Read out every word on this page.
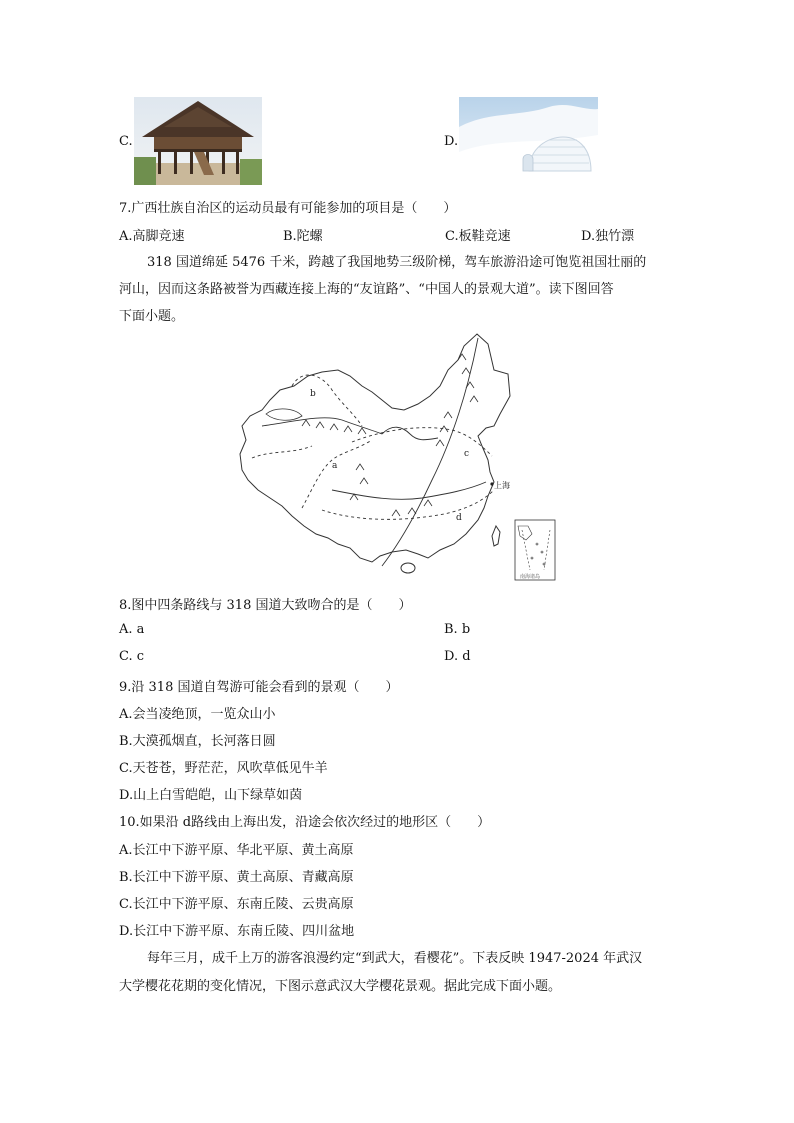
C.	D.
7.广西壮族自治区的运动员最有可能参加的项目是（　　）
A.高脚竞速	B.陀螺	C.板鞋竞速	D.独竹漂
318 国道绵延 5476 千米，跨越了我国地势三级阶梯，驾车旅游沿途可饱览祖国壮丽的
河山，因而这条路被誉为西藏连接上海的“友谊路”、“中国人的景观大道”。读下图回答
下面小题。
南海诸岛
a
b
c
d
上海
8.图中四条路线与 318 国道大致吻合的是（　　）
A. a	B. b
C. c	D. d
9.沿 318 国道自驾游可能会看到的景观（　　）
A.会当凌绝顶，一览众山小
B.大漠孤烟直，长河落日圆
C.天苍苍，野茫茫，风吹草低见牛羊
D.山上白雪皑皑，山下绿草如茵
10.如果沿 d路线由上海出发，沿途会依次经过的地形区（　　）
A.长江中下游平原、华北平原、黄土高原
B.长江中下游平原、黄土高原、青藏高原
C.长江中下游平原、东南丘陵、云贵高原
D.长江中下游平原、东南丘陵、四川盆地
每年三月，成千上万的游客浪漫约定“到武大，看樱花”。下表反映 1947-2024 年武汉
大学樱花花期的变化情况，下图示意武汉大学樱花景观。据此完成下面小题。
